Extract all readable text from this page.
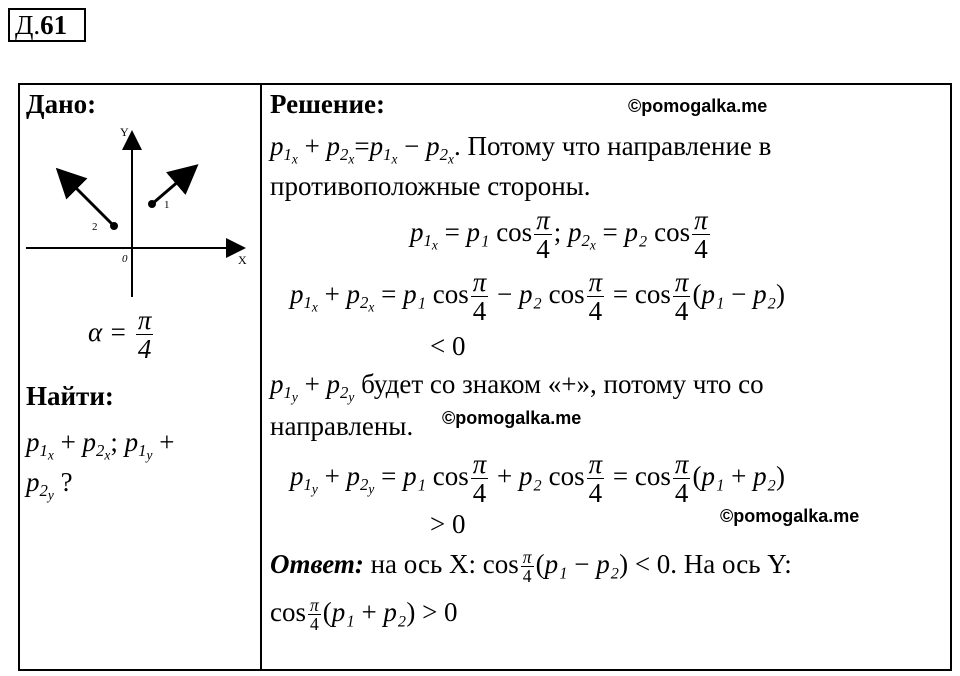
Д.61
Дано:
Y
X
0
1
2
$\alpha = \frac{\pi}{4}$
Найти:
$p_{1_x} + p_{2_x}$; $p_{1_y}$ +
$p_{2_y}$ ?
Решение:	©pomogalka.me
$p_{1_x} + p_{2_x}=p_{1_x} - p_{2_x}$. Потому что направление в
противоположные стороны.
$p_{1_x} = p_1$ $\cos \frac{\pi}{4}$ ; $p_{2_x} = p_2$ $\cos \frac{\pi}{4}$
$p_{1_x} + p_{2_x} = p_1$ $\cos \frac{\pi}{4} - p_2$ $\cos \frac{\pi}{4} = \cos \frac{\pi}{4} (p_1 - p_2)$
< 0
$p_{1_y} + p_{2_y}$ будет со знаком «+», потому что со
направлены. ©pomogalka.me
$p_{1_y} + p_{2_y} = p_1$ $\cos \frac{\pi}{4} + p_2$ $\cos \frac{\pi}{4} = \cos \frac{\pi}{4} (p_1 + p_2)$
> 0	©pomogalka.me
Ответ: на ось X: $\cos \frac{\pi}{4} (p_1 - p_2) < 0$. На ось Y:
$\cos \frac{\pi}{4} (p_1 + p_2) > 0$
